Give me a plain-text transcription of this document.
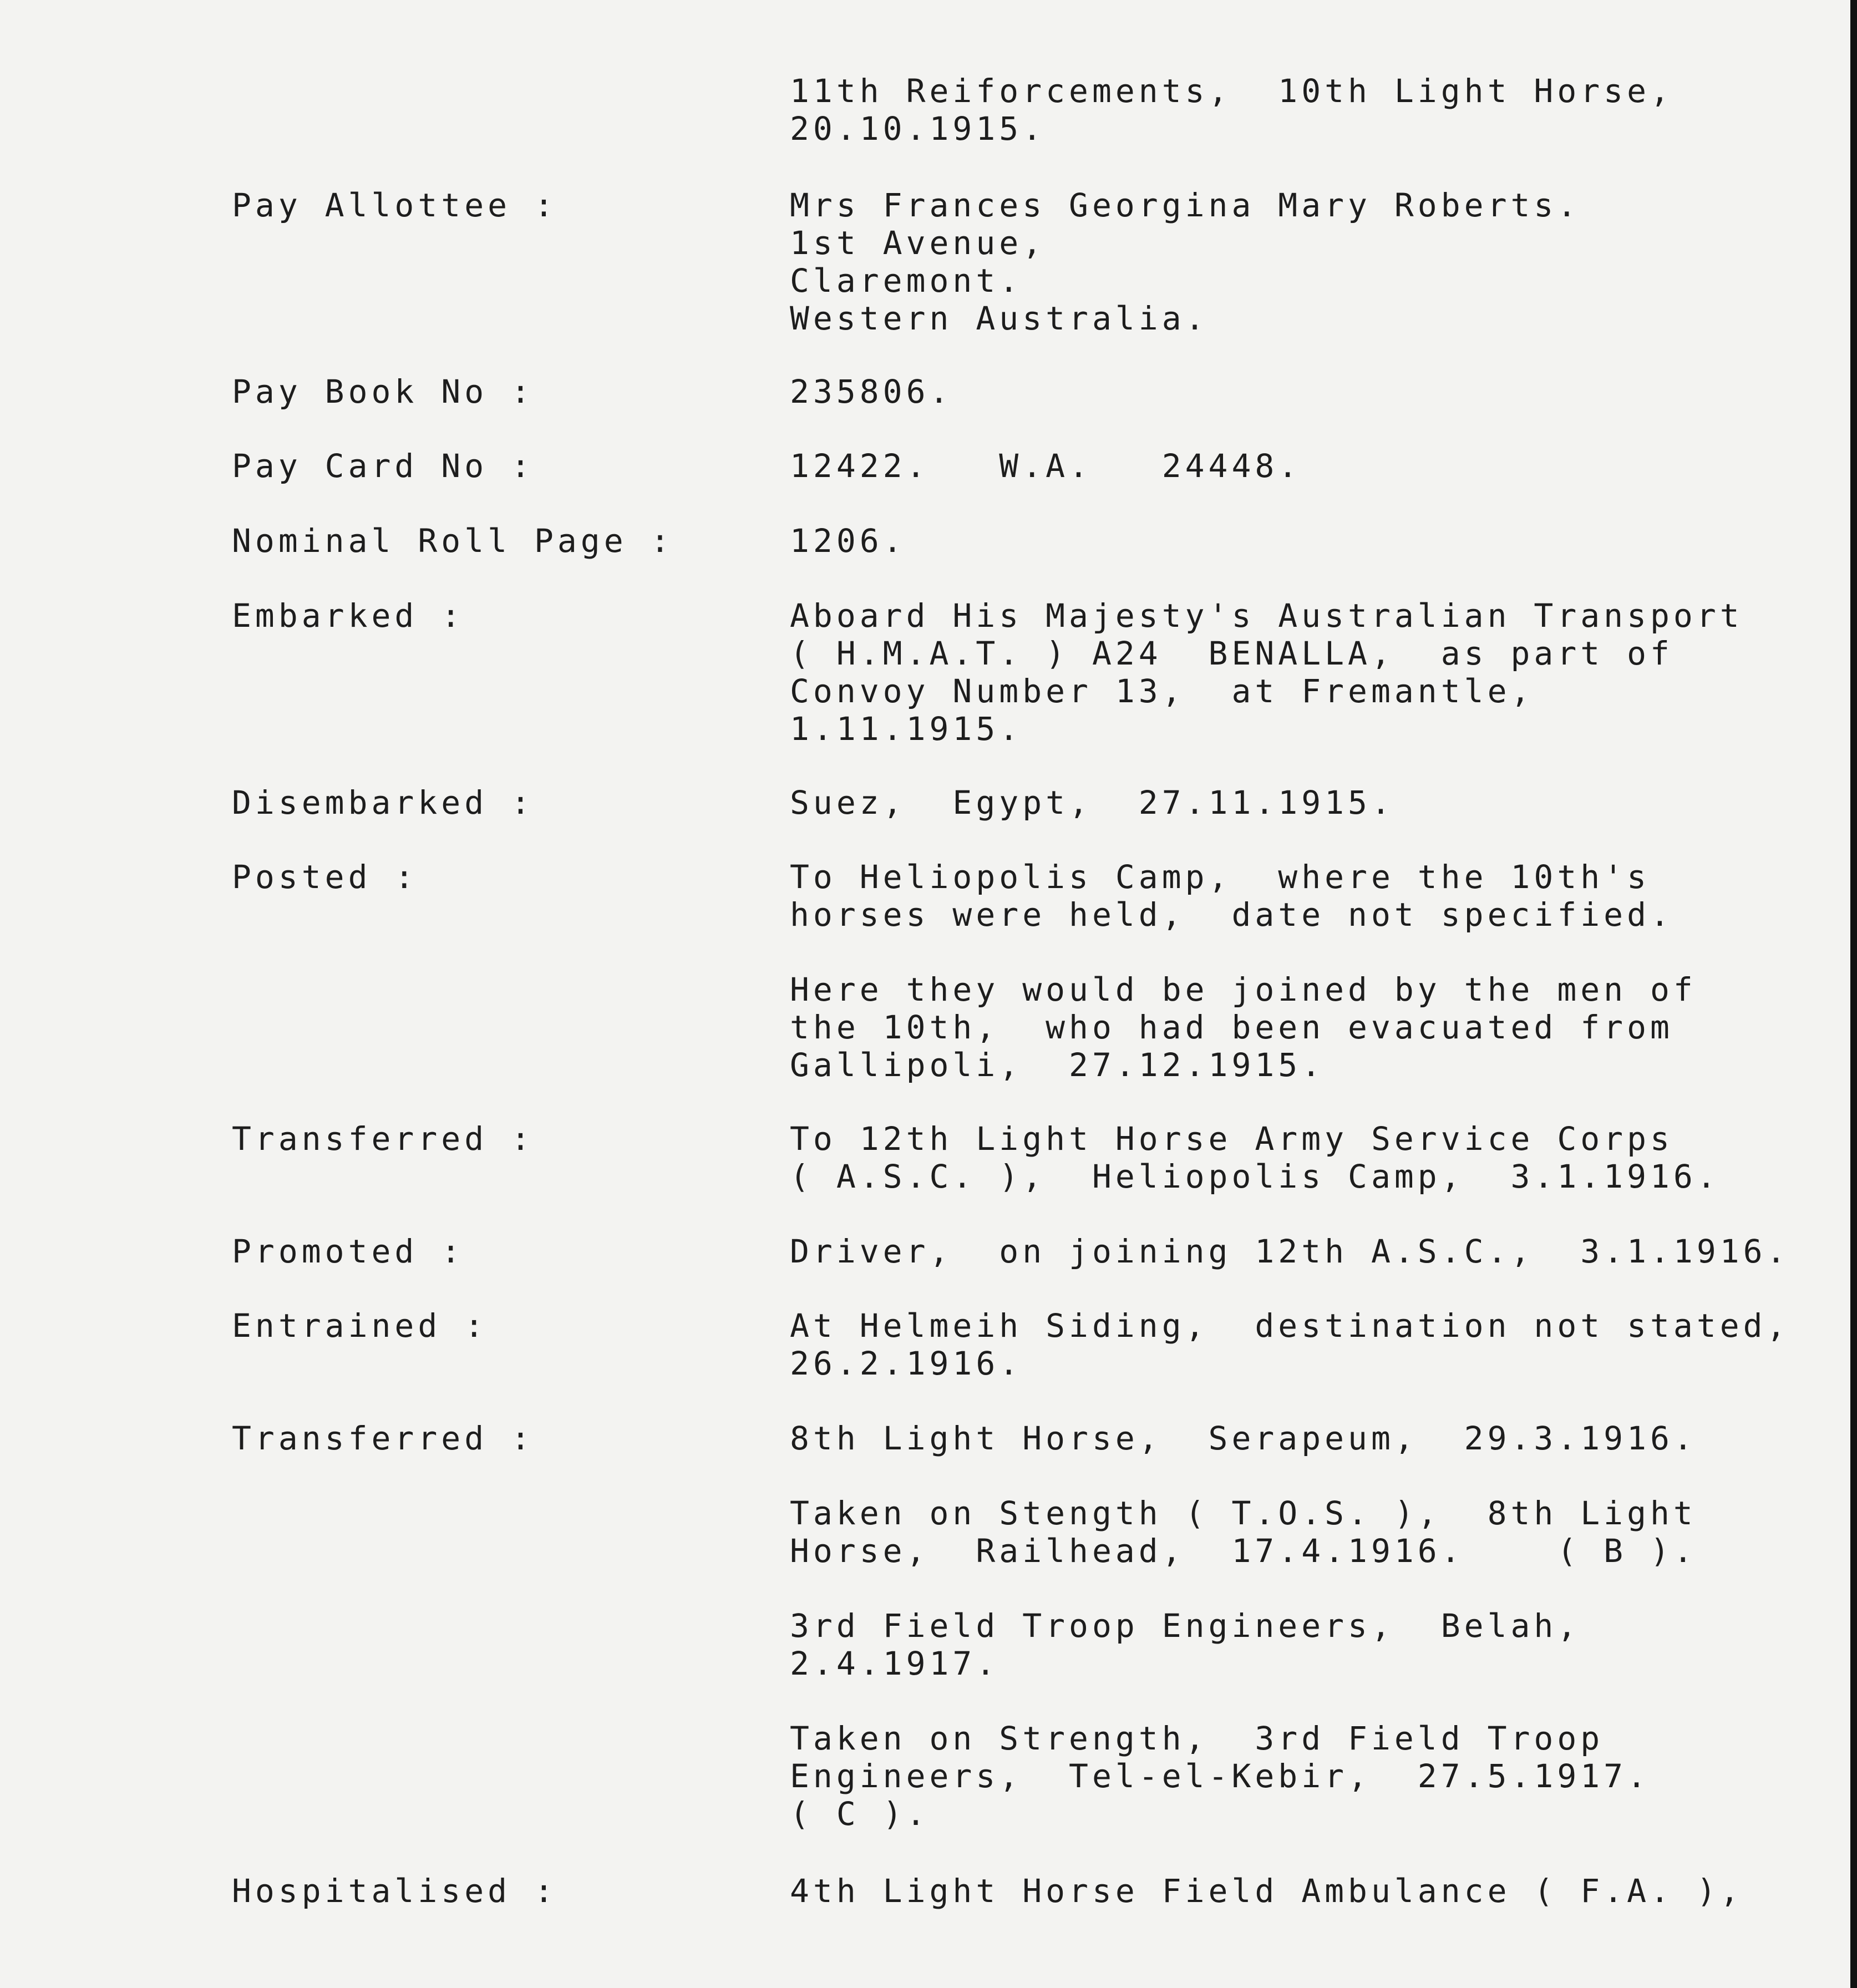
11th Reiforcements,  10th Light Horse,
20.10.1915.
Pay Allottee :	Mrs Frances Georgina Mary Roberts.
1st Avenue,
Claremont.
Western Australia.
Pay Book No :	235806.
Pay Card No :	12422.   W.A.   24448.
Nominal Roll Page :	1206.
Embarked :	Aboard His Majesty's Australian Transport
( H.M.A.T. ) A24  BENALLA,  as part of
Convoy Number 13,  at Fremantle,
1.11.1915.
Disembarked :	Suez,  Egypt,  27.11.1915.
Posted :	To Heliopolis Camp,  where the 10th's
horses were held,  date not specified.
Here they would be joined by the men of
the 10th,  who had been evacuated from
Gallipoli,  27.12.1915.
Transferred :	To 12th Light Horse Army Service Corps
( A.S.C. ),  Heliopolis Camp,  3.1.1916.
Promoted :	Driver,  on joining 12th A.S.C.,  3.1.1916.
Entrained :	At Helmeih Siding,  destination not stated,
26.2.1916.
Transferred :	8th Light Horse,  Serapeum,  29.3.1916.
Taken on Stength ( T.O.S. ),  8th Light
Horse,  Railhead,  17.4.1916.    ( B ).
3rd Field Troop Engineers,  Belah,
2.4.1917.
Taken on Strength,  3rd Field Troop
Engineers,  Tel-el-Kebir,  27.5.1917.
( C ).
Hospitalised :	4th Light Horse Field Ambulance ( F.A. ),
